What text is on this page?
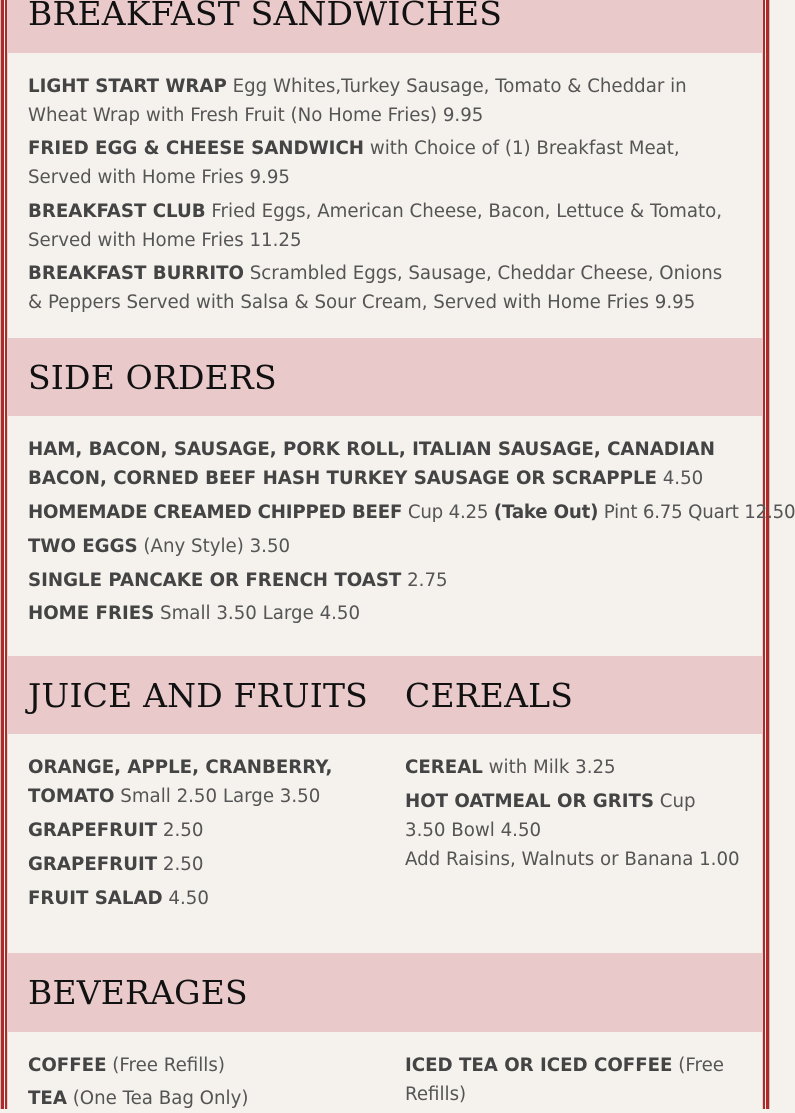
BREAKFAST SANDWICHES
LIGHT START WRAP Egg Whites,Turkey Sausage, Tomato & Cheddar in Wheat Wrap with Fresh Fruit (No Home Fries) 9.95
FRIED EGG & CHEESE SANDWICH with Choice of (1) Breakfast Meat, Served with Home Fries 9.95
BREAKFAST CLUB Fried Eggs, American Cheese, Bacon, Lettuce & Tomato, Served with Home Fries 11.25
BREAKFAST BURRITO Scrambled Eggs, Sausage, Cheddar Cheese, Onions & Peppers Served with Salsa & Sour Cream, Served with Home Fries 9.95
SIDE ORDERS
HAM, BACON, SAUSAGE, PORK ROLL, ITALIAN SAUSAGE, CANADIAN BACON, CORNED BEEF HASH TURKEY SAUSAGE OR SCRAPPLE 4.50
HOMEMADE CREAMED CHIPPED BEEF Cup 4.25 (Take Out) Pint 6.75 Quart 12.50
TWO EGGS (Any Style) 3.50
SINGLE PANCAKE OR FRENCH TOAST 2.75
HOME FRIES Small 3.50 Large 4.50
JUICE AND FRUITS CEREALS
ORANGE, APPLE, CRANBERRY, TOMATO Small 2.50 Large 3.50
GRAPEFRUIT 2.50
GRAPEFRUIT 2.50
FRUIT SALAD 4.50
CEREAL with Milk 3.25
HOT OATMEAL OR GRITS Cup 3.50 Bowl 4.50
Add Raisins, Walnuts or Banana 1.00
BEVERAGES
COFFEE (Free Refills)
TEA (One Tea Bag Only)
ICED TEA OR ICED COFFEE (Free Refills)
